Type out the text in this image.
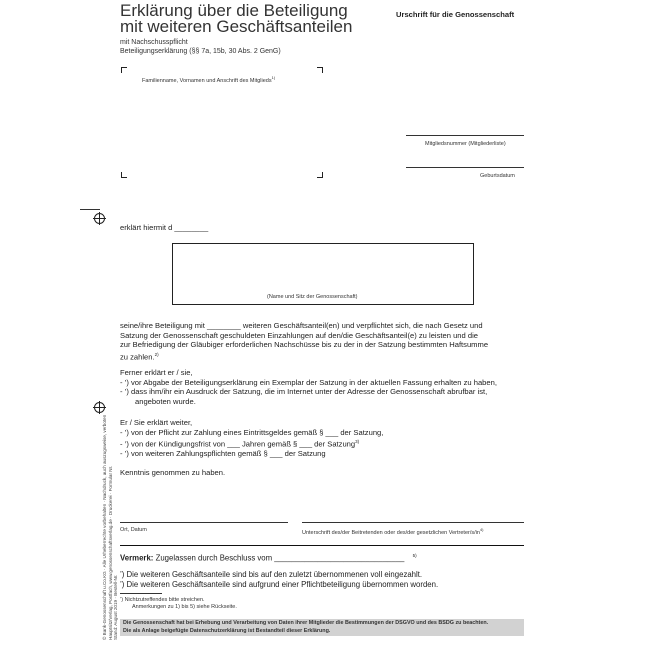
Erklärung über die Beteiligung
mit weiteren Geschäftsanteilen
mit Nachschusspflicht
Beteiligungserklärung (§§ 7a, 15b, 30 Abs. 2 GenG)
Urschrift für die Genossenschaft
Familienname, Vornamen und Anschrift des Mitglieds$^{1)}$
Mitgliedsnummer (Mitgliederliste)
Geburtsdatum
erklärt hiermit d ________
(Name und Sitz der Genossenschaft)
seine/ihre Beteiligung mit ________ weiteren Geschäftsanteil(en) und verpflichtet sich, die nach Gesetz und
Satzung der Genossenschaft geschuldeten Einzahlungen auf den/die Geschäftsanteil(e) zu leisten und die
zur Befriedigung der Gläubiger erforderlichen Nachschüsse bis zu der in der Satzung bestimmten Haftsumme
zu zahlen.$^{2)}$
Ferner erklärt er / sie,
- ’) vor Abgabe der Beteiligungserklärung ein Exemplar der Satzung in der aktuellen Fassung erhalten zu haben,
- ’) dass ihm/ihr ein Ausdruck der Satzung, die im Internet unter der Adresse der Genossenschaft abrufbar ist,
angeboten wurde.
Er / Sie erklärt weiter,
- ’) von der Pflicht zur Zahlung eines Eintrittsgeldes gemäß § ___ der Satzung,
- ’) von der Kündigungsfrist von ___ Jahren gemäß § ___ der Satzung$^{3)}$
- ’) von weiteren Zahlungspflichten gemäß § ___ der Satzung
Kenntnis genommen zu haben.
© Bank-Genossenschaft u.Co.KG · Alle Urheberrechte vorbehalten · Nachdruck, auch auszugsweise, verboten Hauptsitz/Verlag, Postfach, www.genossenschaftsverlag.de · Druckerei · Formular Nr. Stand: August 2019 · Bestell-Nr.
Ort, Datum	Unterschrift des/der Beitretenden oder des/der gesetzlichen Vertreter/$s/in^{4)}$
Vermerk: Zugelassen durch Beschluss vom ______________________________ $^{5)}$
’) Die weiteren Geschäftsanteile sind bis auf den zuletzt übernommenen voll eingezahlt.
’) Die weiteren Geschäftsanteile sind aufgrund einer Pflichtbeteiligung übernommen worden.
’) Nichtzutreffendes bitte streichen.
Anmerkungen zu 1) bis 5) siehe Rückseite.
Die Genossenschaft hat bei Erhebung und Verarbeitung von Daten ihrer Mitglieder die Bestimmungen der DSGVO und des BSDG zu beachten.
Die als Anlage beigefügte Datenschutzerklärung ist Bestandteil dieser Erklärung.
